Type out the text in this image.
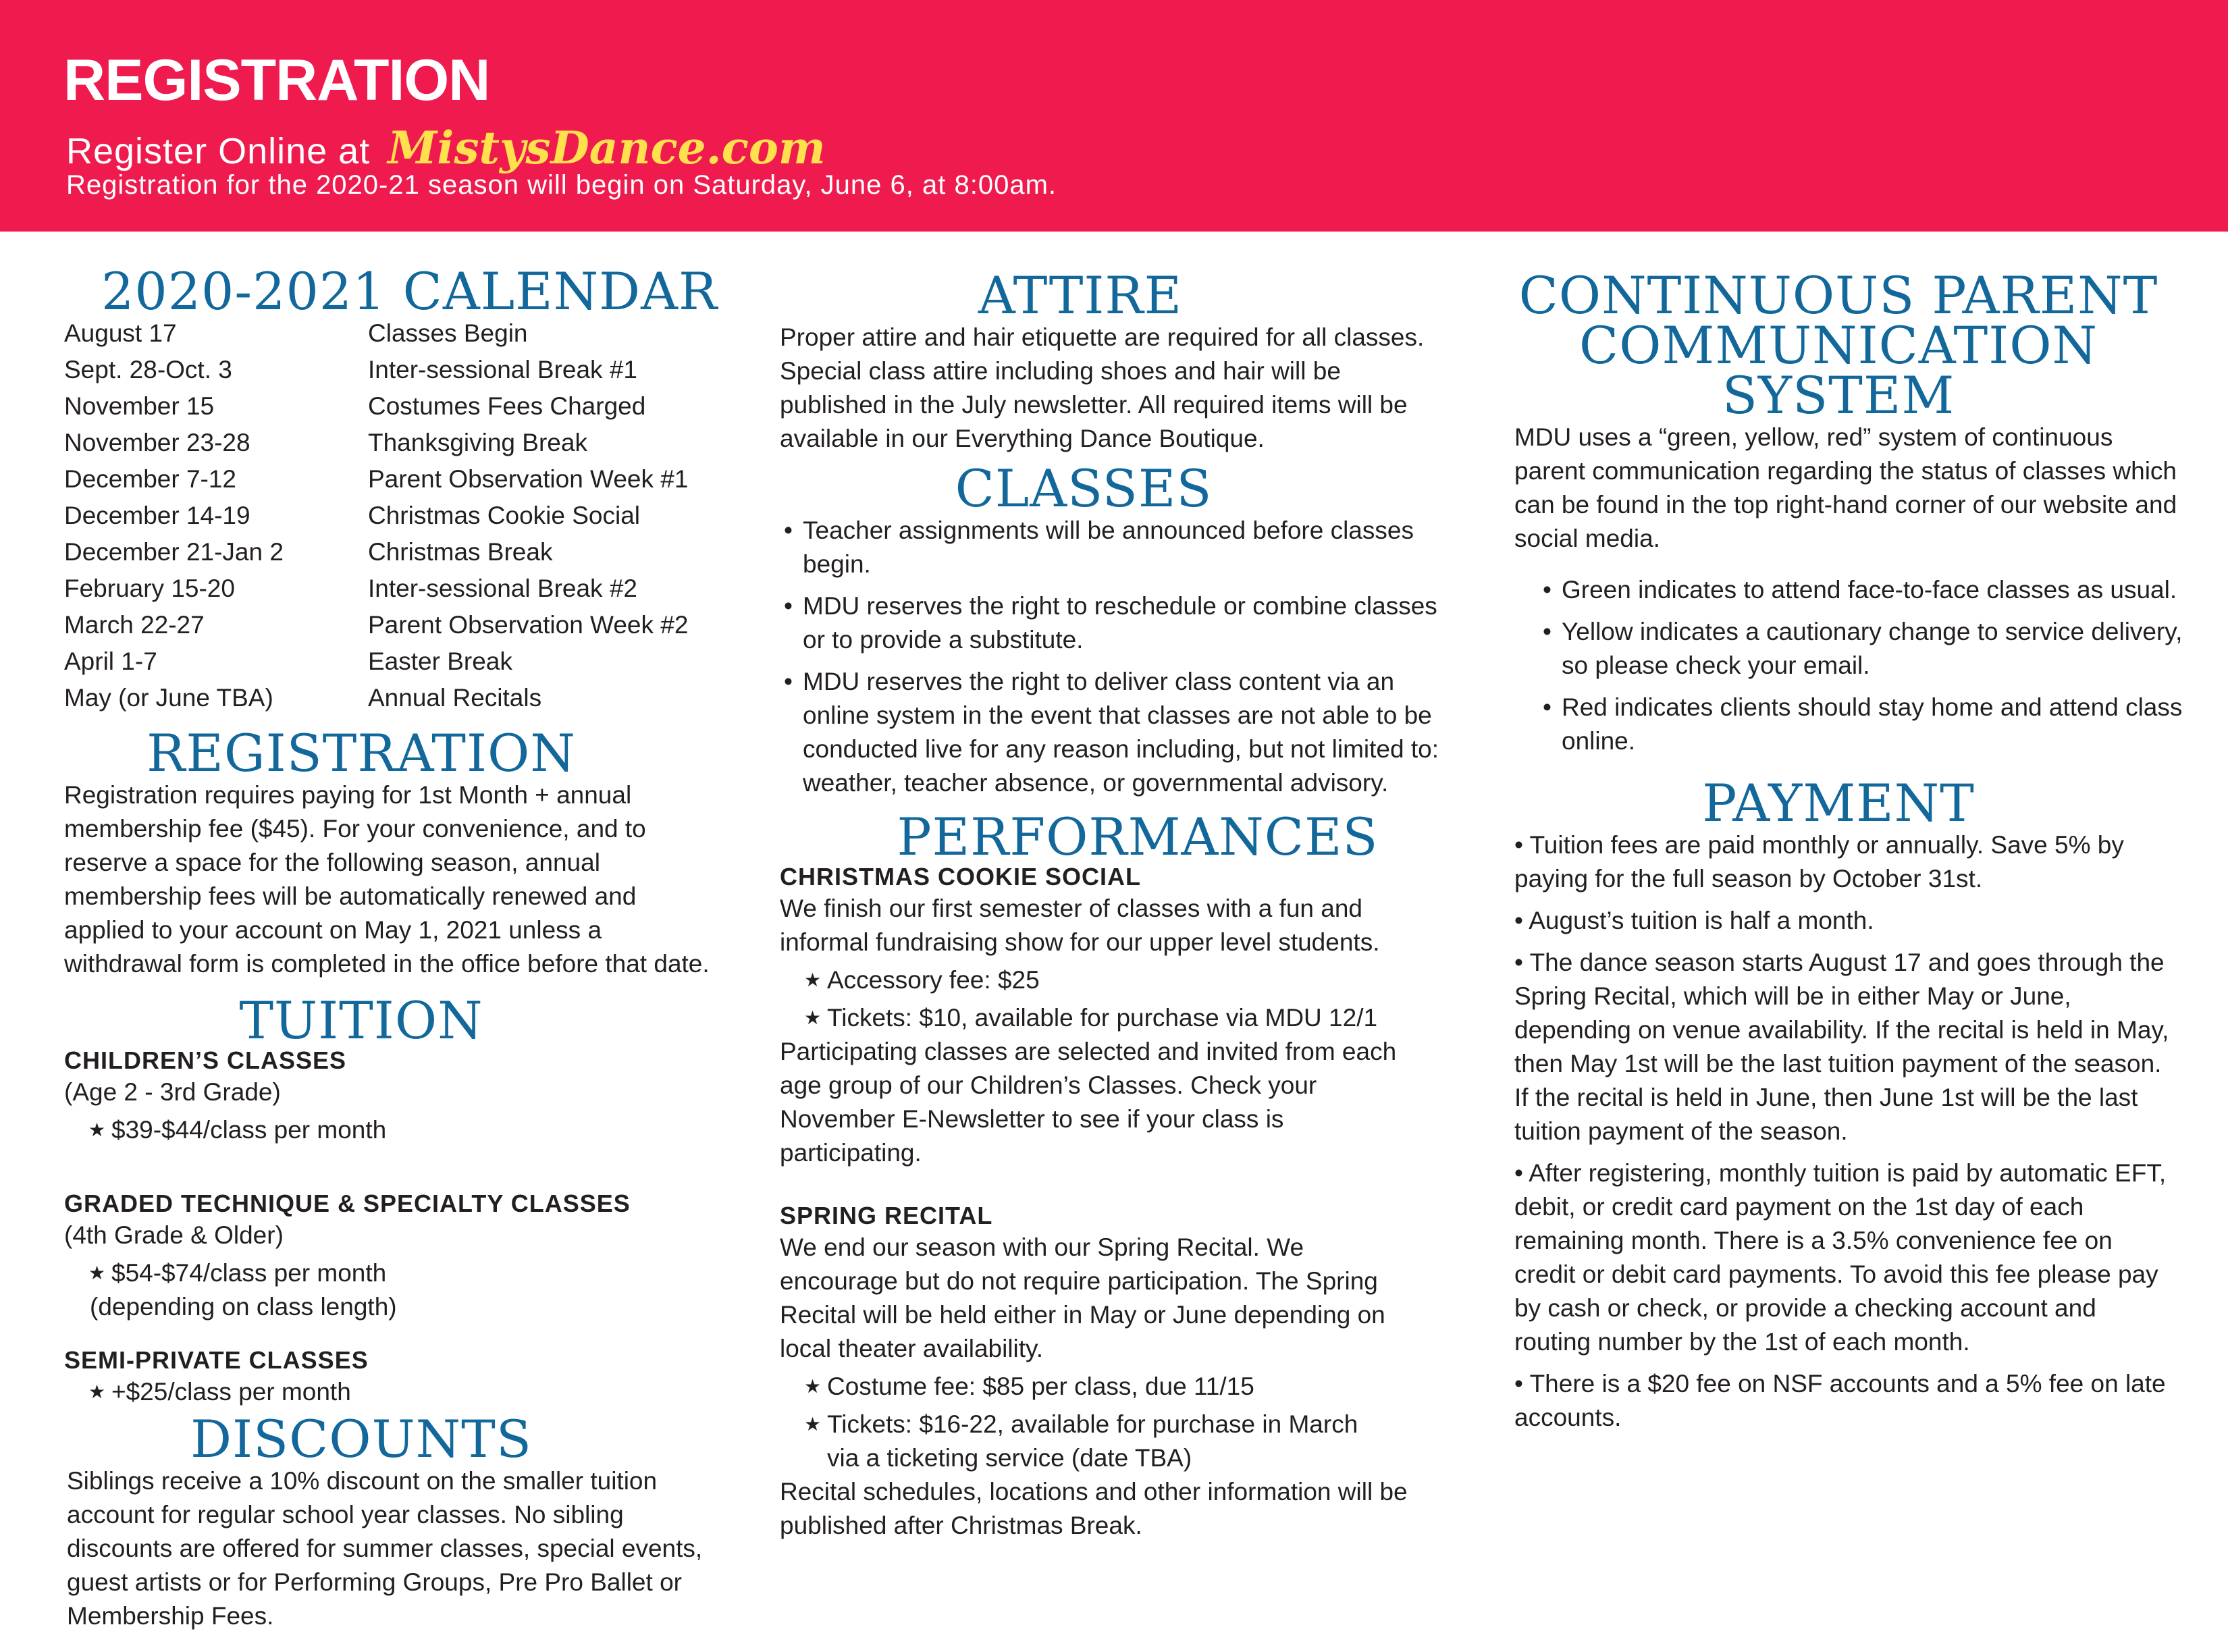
REGISTRATION
Register Online at MistysDance.com
Registration for the 2020-21 season will begin on Saturday, June 6, at 8:00am.
2020-2021 CALENDAR
August 17	Classes Begin
Sept. 28-Oct. 3	Inter-sessional Break #1
November 15	Costumes Fees Charged
November 23-28	Thanksgiving Break
December 7-12	Parent Observation Week #1
December 14-19	Christmas Cookie Social
December 21-Jan 2	Christmas Break
February 15-20	Inter-sessional Break #2
March 22-27	Parent Observation Week #2
April 1-7	Easter Break
May (or June TBA)	Annual Recitals
REGISTRATION

Registration requires paying for 1st Month + annual membership fee ($45). For your convenience, and to reserve a space for the following season, annual membership fees will be automatically renewed and applied to your account on May 1, 2021 unless a withdrawal form is completed in the office before that date.

TUITION
CHILDREN’S CLASSES

(Age 2 - 3rd Grade)

★ $39-$44/class per month

GRADED TECHNIQUE & SPECIALTY CLASSES

(4th Grade & Older)

★ $54-$74/class per month

(depending on class length)

SEMI-PRIVATE CLASSES

★ +$25/class per month

DISCOUNTS

Siblings receive a 10% discount on the smaller tuition account for regular school year classes. No sibling discounts are offered for summer classes, special events, guest artists or for Performing Groups, Pre Pro Ballet or Membership Fees.

ATTIRE

Proper attire and hair etiquette are required for all classes. Special class attire including shoes and hair will be published in the July newsletter. All required items will be available in our Everything Dance Boutique.

CLASSES
• Teacher assignments will be announced before classes begin.
• MDU reserves the right to reschedule or combine classes or to provide a substitute.
• MDU reserves the right to deliver class content via an online system in the event that classes are not able to be conducted live for any reason including, but not limited to: weather, teacher absence, or governmental advisory.
PERFORMANCES
CHRISTMAS COOKIE SOCIAL

We finish our first semester of classes with a fun and informal fundraising show for our upper level students.

★ Accessory fee: $25

★ Tickets: $10, available for purchase via MDU 12/1

Participating classes are selected and invited from each age group of our Children’s Classes. Check your November E-Newsletter to see if your class is participating.

SPRING RECITAL

We end our season with our Spring Recital. We encourage but do not require participation. The Spring Recital will be held either in May or June depending on local theater availability.

★ Costume fee: $85 per class, due 11/15

★ Tickets: $16-22, available for purchase in March

via a ticketing service (date TBA)

Recital schedules, locations and other information will be published after Christmas Break.

CONTINUOUS PARENT
COMMUNICATION
SYSTEM

MDU uses a “green, yellow, red” system of continuous parent communication regarding the status of classes which can be found in the top right-hand corner of our website and social media.

• Green indicates to attend face-to-face classes as usual.
• Yellow indicates a cautionary change to service delivery, so please check your email.
• Red indicates clients should stay home and attend class online.
PAYMENT

• Tuition fees are paid monthly or annually. Save 5% by paying for the full season by October 31st.

• August’s tuition is half a month.

• The dance season starts August 17 and goes through the Spring Recital, which will be in either May or June, depending on venue availability. If the recital is held in May, then May 1st will be the last tuition payment of the season. If the recital is held in June, then June 1st will be the last tuition payment of the season.

• After registering, monthly tuition is paid by automatic EFT, debit, or credit card payment on the 1st day of each remaining month. There is a 3.5% convenience fee on credit or debit card payments. To avoid this fee please pay by cash or check, or provide a checking account and routing number by the 1st of each month.

• There is a $20 fee on NSF accounts and a 5% fee on late accounts.
